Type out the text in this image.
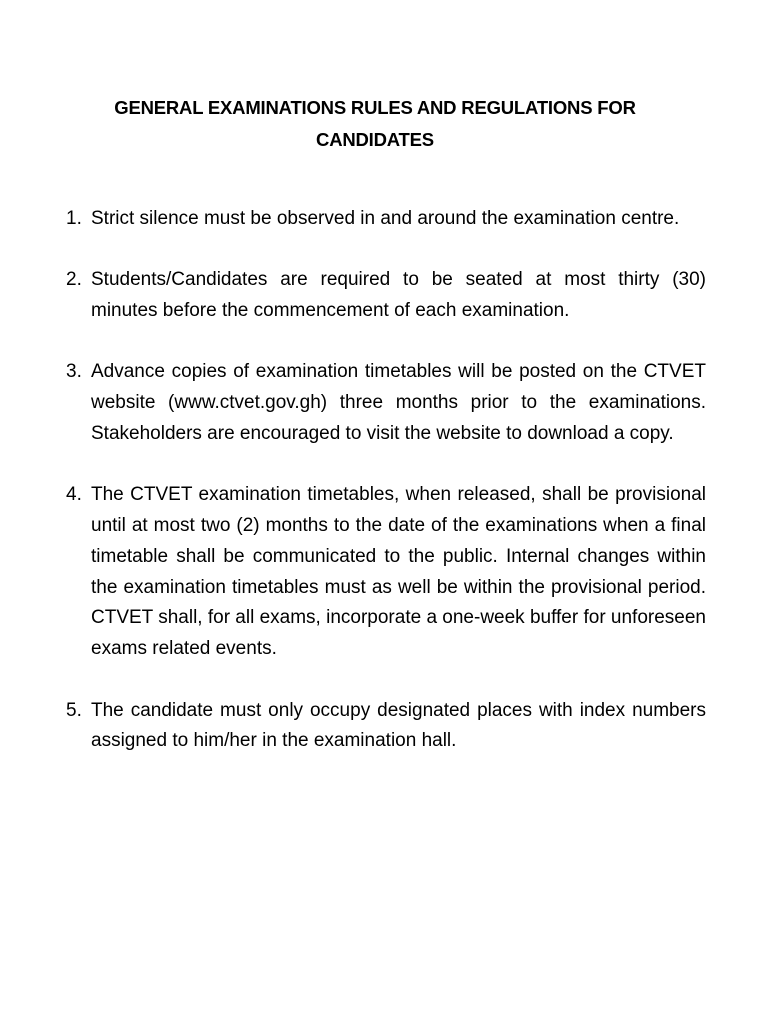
GENERAL EXAMINATIONS RULES AND REGULATIONS FOR CANDIDATES
1. Strict silence must be observed in and around the examination centre.
2. Students/Candidates are required to be seated at most thirty (30) minutes before the commencement of each examination.
3. Advance copies of examination timetables will be posted on the CTVET website (www.ctvet.gov.gh) three months prior to the examinations. Stakeholders are encouraged to visit the website to download a copy.
4. The CTVET examination timetables, when released, shall be provisional until at most two (2) months to the date of the examinations when a final timetable shall be communicated to the public. Internal changes within the examination timetables must as well be within the provisional period. CTVET shall, for all exams, incorporate a one-week buffer for unforeseen exams related events.
5. The candidate must only occupy designated places with index numbers assigned to him/her in the examination hall.
